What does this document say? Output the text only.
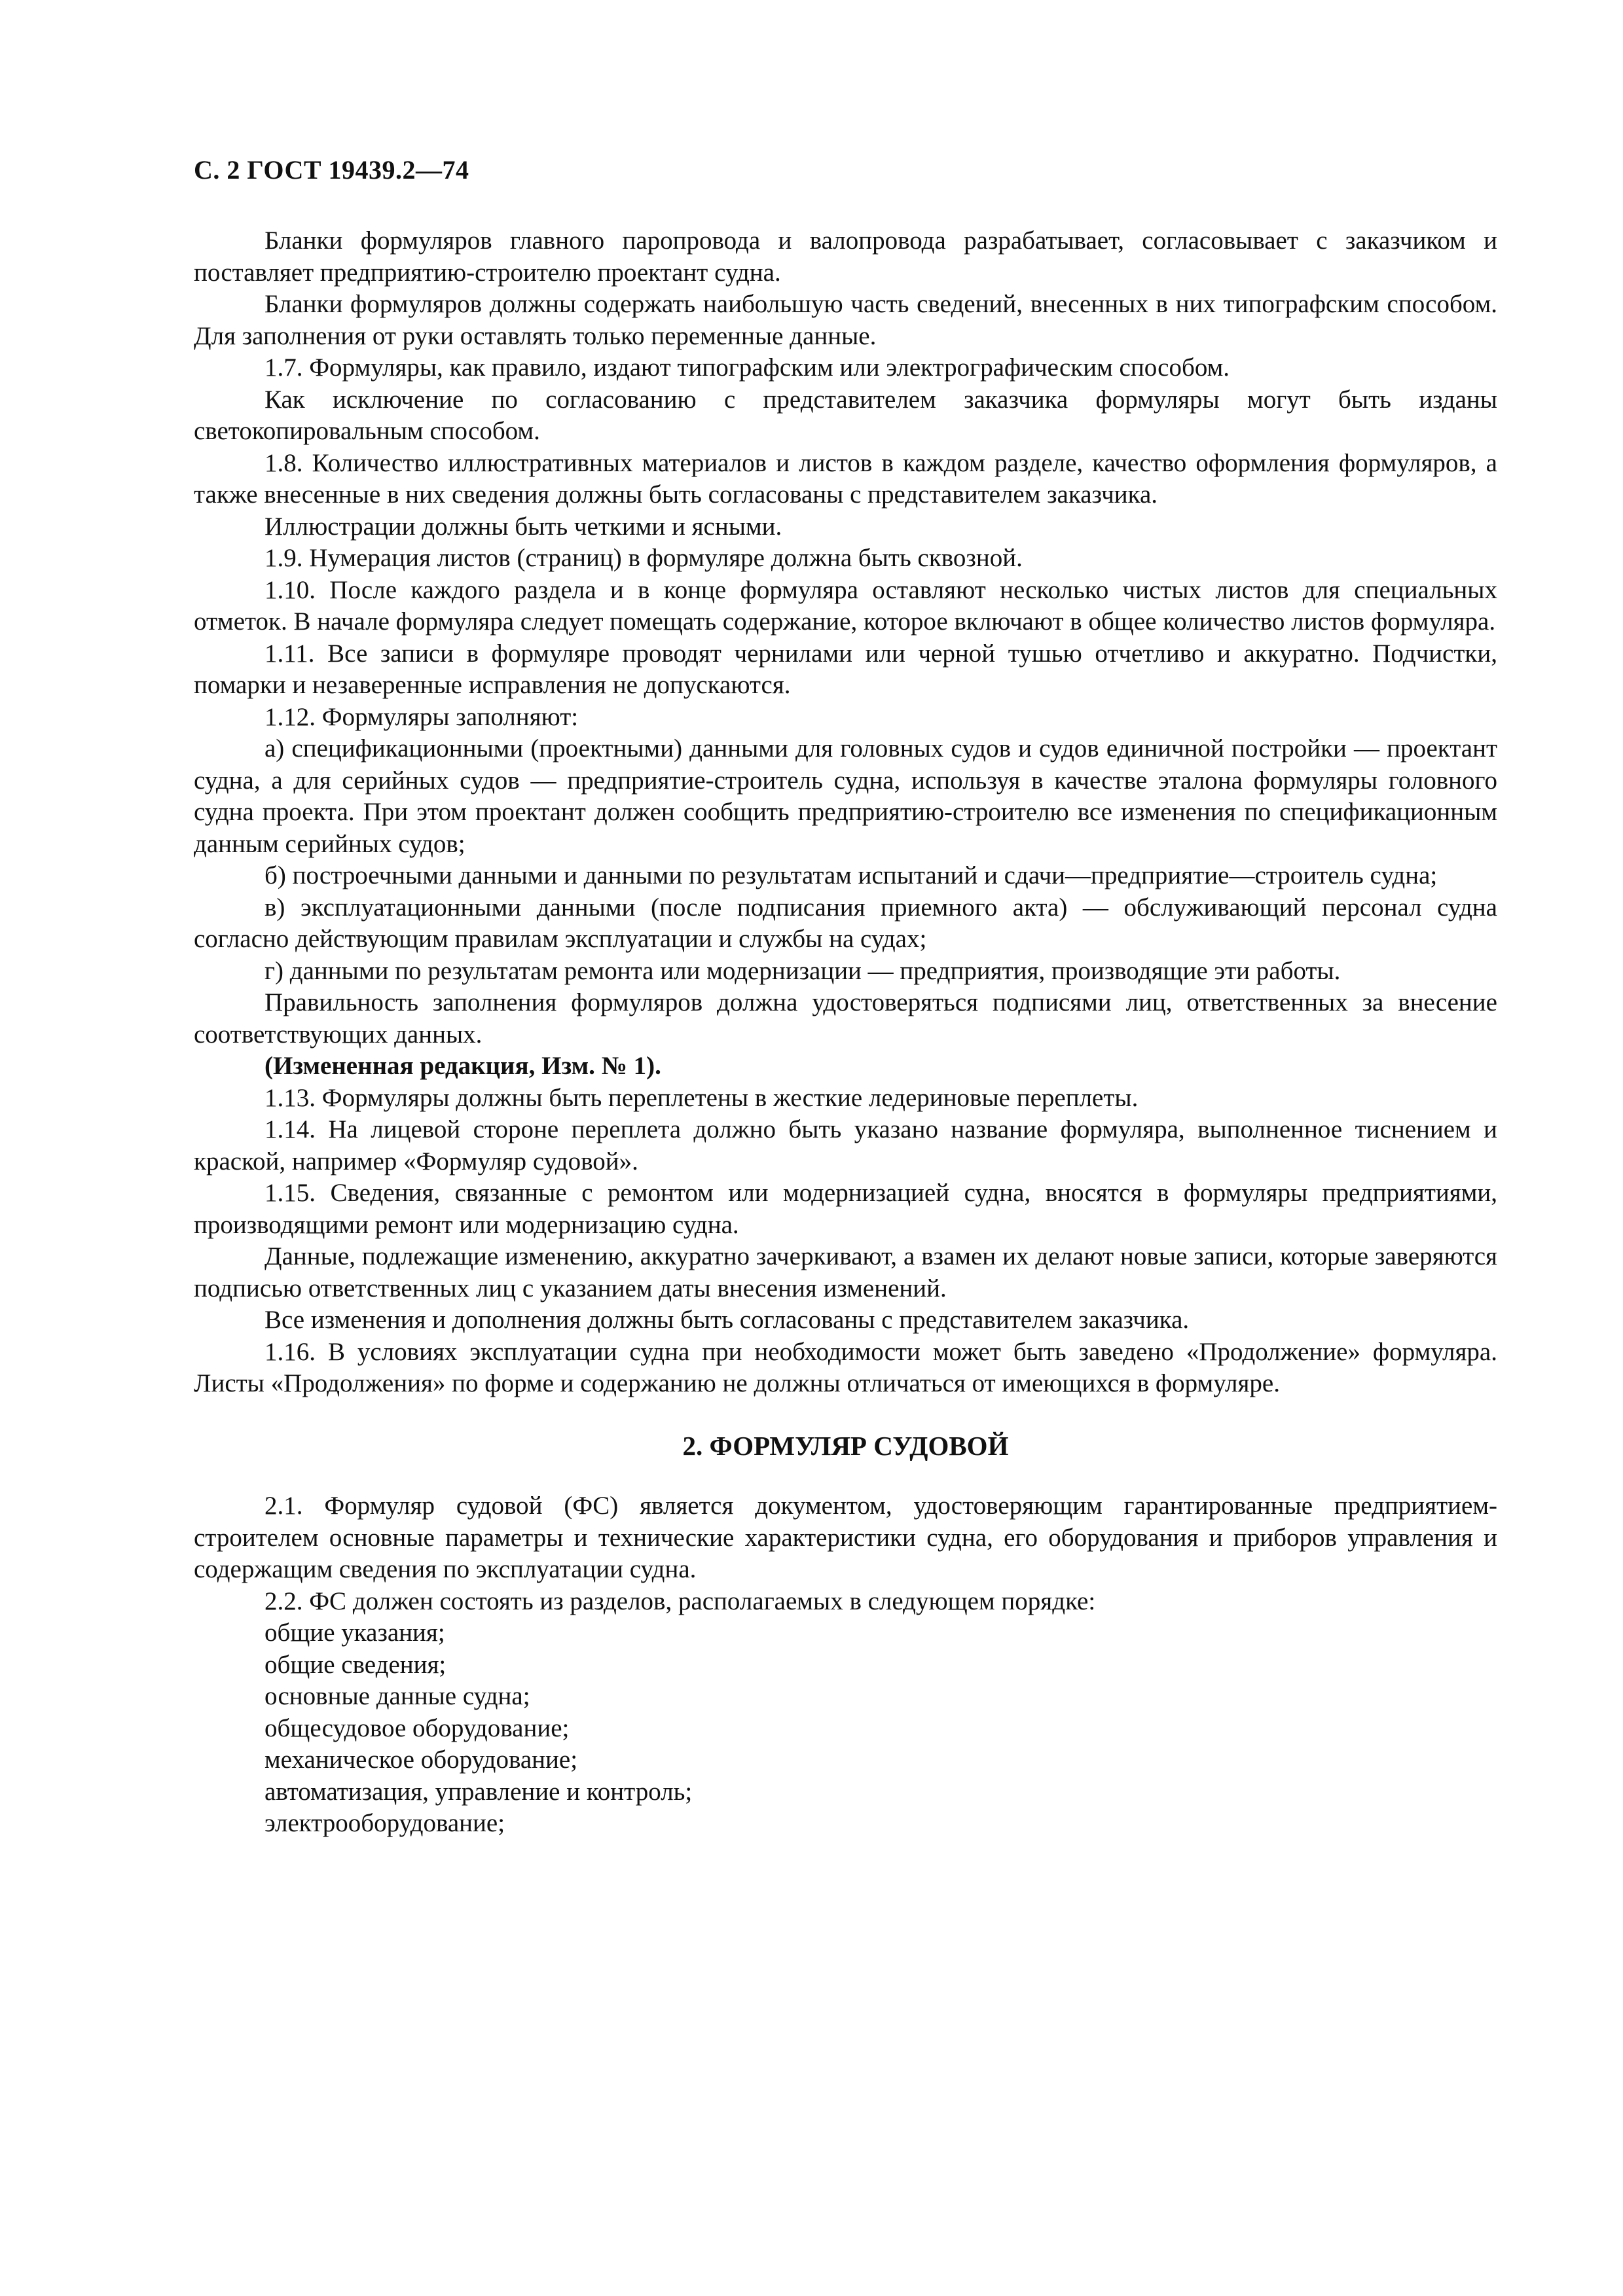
С. 2 ГОСТ 19439.2—74

Бланки формуляров главного паропровода и валопровода разрабатывает, согласовывает с заказчиком и поставляет предприятию-строителю проектант судна.

Бланки формуляров должны содержать наибольшую часть сведений, внесенных в них типографским способом. Для заполнения от руки оставлять только переменные данные.

1.7. Формуляры, как правило, издают типографским или электрографическим способом.

Как исключение по согласованию с представителем заказчика формуляры могут быть изданы светокопировальным способом.

1.8. Количество иллюстративных материалов и листов в каждом разделе, качество оформления формуляров, а также внесенные в них сведения должны быть согласованы с представителем заказчика.

Иллюстрации должны быть четкими и ясными.

1.9. Нумерация листов (страниц) в формуляре должна быть сквозной.

1.10. После каждого раздела и в конце формуляра оставляют несколько чистых листов для специальных отметок. В начале формуляра следует помещать содержание, которое включают в общее количество листов формуляра.

1.11. Все записи в формуляре проводят чернилами или черной тушью отчетливо и аккуратно. Подчистки, помарки и незаверенные исправления не допускаются.

1.12. Формуляры заполняют:

а) спецификационными (проектными) данными для головных судов и судов единичной постройки — проектант судна, а для серийных судов — предприятие-строитель судна, используя в качестве эталона формуляры головного судна проекта. При этом проектант должен сообщить предприятию-строителю все изменения по спецификационным данным серийных судов;

б) построечными данными и данными по результатам испытаний и сдачи—предприятие—строитель судна;

в) эксплуатационными данными (после подписания приемного акта) — обслуживающий персонал судна согласно действующим правилам эксплуатации и службы на судах;

г) данными по результатам ремонта или модернизации — предприятия, производящие эти работы.

Правильность заполнения формуляров должна удостоверяться подписями лиц, ответственных за внесение соответствующих данных.

(Измененная редакция, Изм. № 1).

1.13. Формуляры должны быть переплетены в жесткие ледериновые переплеты.

1.14. На лицевой стороне переплета должно быть указано название формуляра, выполненное тиснением и краской, например «Формуляр судовой».

1.15. Сведения, связанные с ремонтом или модернизацией судна, вносятся в формуляры предприятиями, производящими ремонт или модернизацию судна.

Данные, подлежащие изменению, аккуратно зачеркивают, а взамен их делают новые записи, которые заверяются подписью ответственных лиц с указанием даты внесения изменений.

Все изменения и дополнения должны быть согласованы с представителем заказчика.

1.16. В условиях эксплуатации судна при необходимости может быть заведено «Продолжение» формуляра. Листы «Продолжения» по форме и содержанию не должны отличаться от имеющихся в формуляре.

2. ФОРМУЛЯР СУДОВОЙ

2.1. Формуляр судовой (ФС) является документом, удостоверяющим гарантированные предприятием-строителем основные параметры и технические характеристики судна, его оборудования и приборов управления и содержащим сведения по эксплуатации судна.

2.2. ФС должен состоять из разделов, располагаемых в следующем порядке:

общие указания;

общие сведения;

основные данные судна;

общесудовое оборудование;

механическое оборудование;

автоматизация, управление и контроль;

электрооборудование;
